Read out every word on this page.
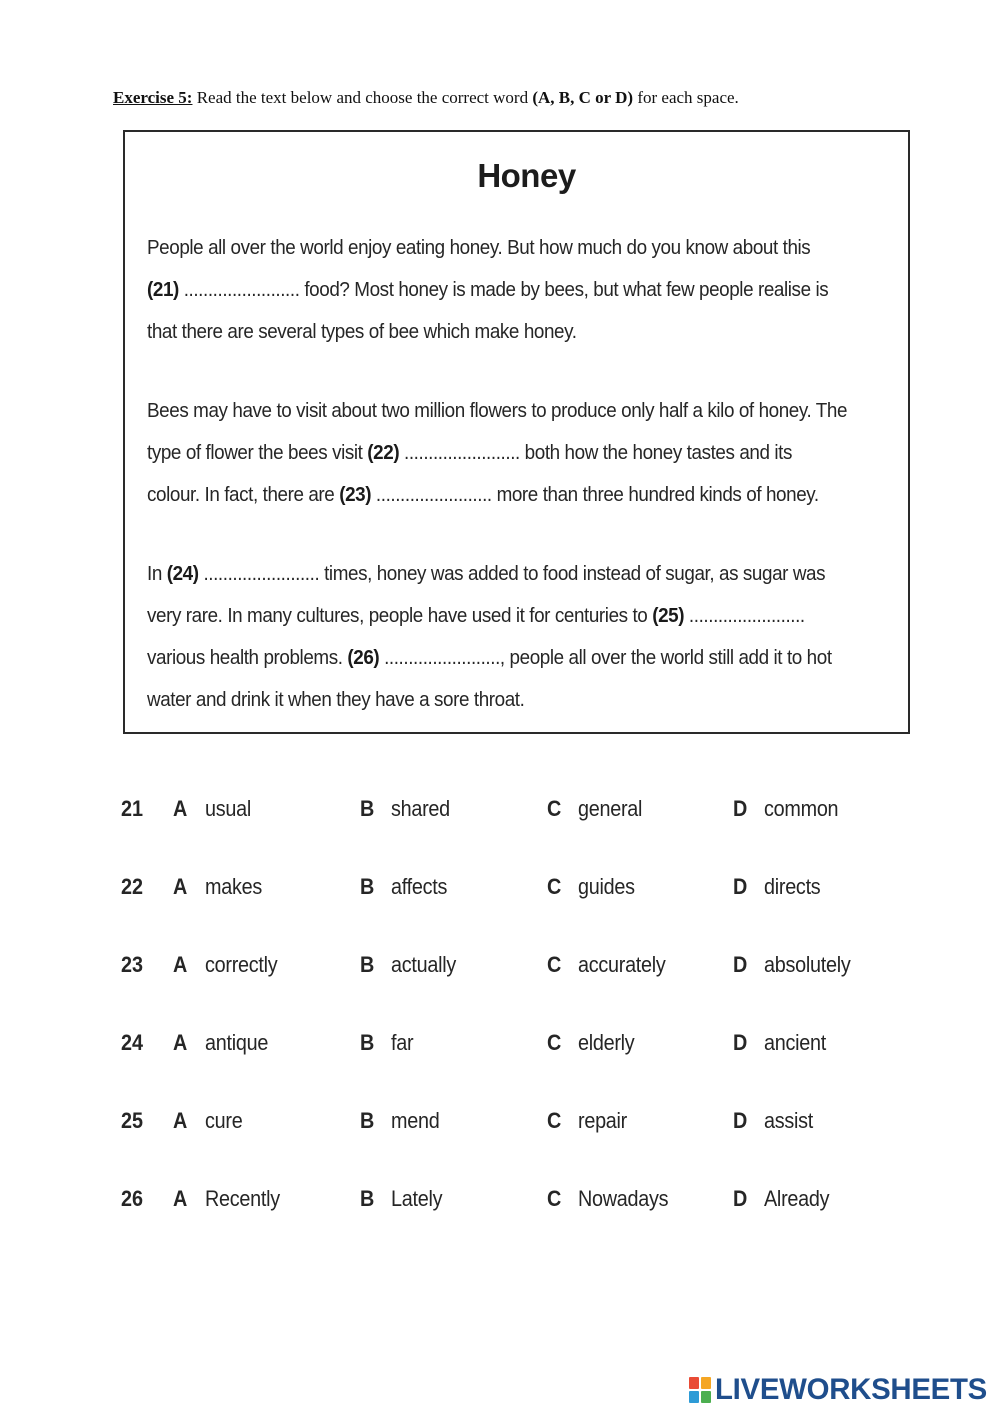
Exercise 5: Read the text below and choose the correct word (A, B, C or D) for each space.
Honey
People all over the world enjoy eating honey. But how much do you know about this
(21) ........................ food? Most honey is made by bees, but what few people realise is
that there are several types of bee which make honey.
Bees may have to visit about two million flowers to produce only half a kilo of honey. The
type of flower the bees visit (22) ........................ both how the honey tastes and its
colour. In fact, there are (23) ........................ more than three hundred kinds of honey.
In (24) ........................ times, honey was added to food instead of sugar, as sugar was
very rare. In many cultures, people have used it for centuries to (25) ........................
various health problems. (26) ........................, people all over the world still add it to hot
water and drink it when they have a sore throat.
21 A usual	B shared	C general	D common
22 A makes	B affects	C guides	D directs
23 A correctly	B actually	C accurately	D absolutely
24 A antique	B far	C elderly	D ancient
25 A cure	B mend	C repair	D assist
26 A Recently	B Lately	C Nowadays	D Already
LIVEWORKSHEETS
